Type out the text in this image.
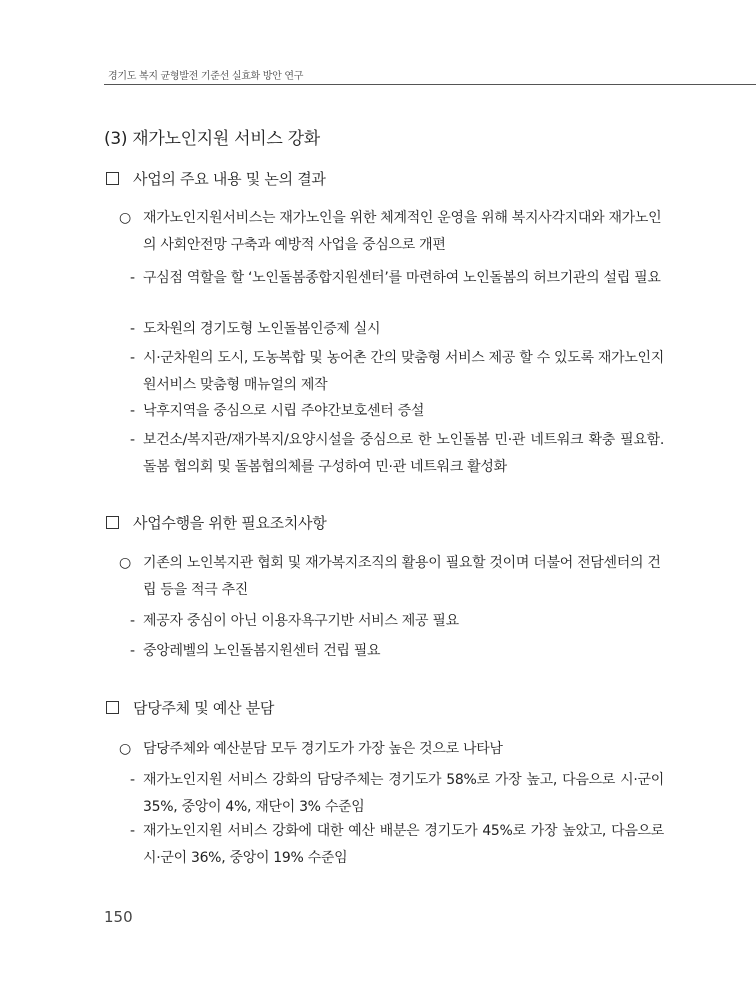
경기도 복지 균형발전 기준선 실효화 방안 연구
(3) 재가노인지원 서비스 강화
사업의 주요 내용 및 논의 결과
○ 재가노인지원서비스는 재가노인을 위한 체계적인 운영을 위해 복지사각지대와 재가노인의 사회안전망 구축과 예방적 사업을 중심으로 개편
- 구심점 역할을 할 ‘노인돌봄종합지원센터’를 마련하여 노인돌봄의 허브기관의 설립 필요
- 도차원의 경기도형 노인돌봄인증제 실시
- 시·군차원의 도시, 도농복합 및 농어촌 간의 맞춤형 서비스 제공 할 수 있도록 재가노인지원서비스 맞춤형 매뉴얼의 제작
- 낙후지역을 중심으로 시립 주야간보호센터 증설
- 보건소/복지관/재가복지/요양시설을 중심으로 한 노인돌봄 민·관 네트워크 확충 필요함. 돌봄 협의회 및 돌봄협의체를 구성하여 민·관 네트워크 활성화
사업수행을 위한 필요조치사항
○ 기존의 노인복지관 협회 및 재가복지조직의 활용이 필요할 것이며 더불어 전담센터의 건립 등을 적극 추진
- 제공자 중심이 아닌 이용자욕구기반 서비스 제공 필요
- 중앙레벨의 노인돌봄지원센터 건립 필요
담당주체 및 예산 분담
○ 담당주체와 예산분담 모두 경기도가 가장 높은 것으로 나타남
- 재가노인지원 서비스 강화의 담당주체는 경기도가 58%로 가장 높고, 다음으로 시·군이 35%, 중앙이 4%, 재단이 3% 수준임
- 재가노인지원 서비스 강화에 대한 예산 배분은 경기도가 45%로 가장 높았고, 다음으로 시·군이 36%, 중앙이 19% 수준임
150
